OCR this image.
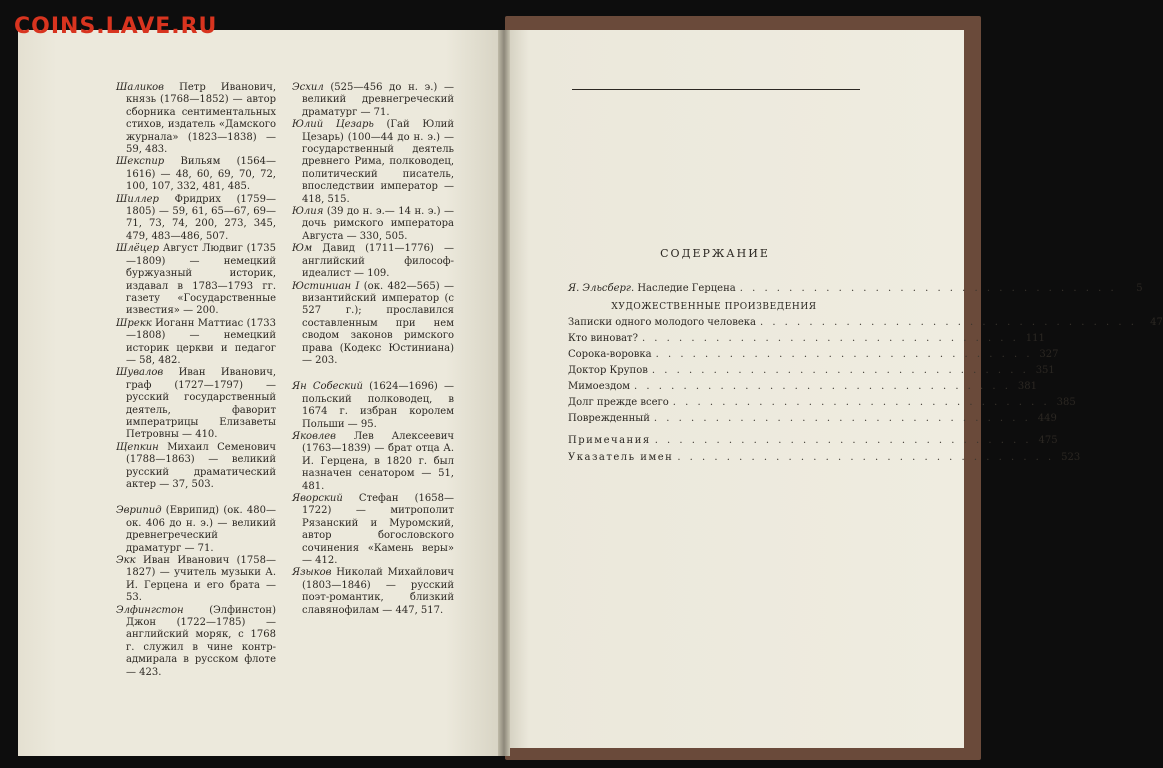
COINS.LAVE.RU

Шаликов Петр Иванович, князь (1768—1852) — автор сборника сентиментальных стихов, издатель «Дамского журнала» (1823—1838) — 59, 483.

Шекспир Вильям (1564—1616) — 48, 60, 69, 70, 72, 100, 107, 332, 481, 485.

Шиллер Фридрих (1759—1805) — 59, 61, 65—67, 69—71, 73, 74, 200, 273, 345, 479, 483—486, 507.

Шлёцер Август Людвиг (1735—1809) — немецкий буржуазный историк, издавал в 1783—1793 гг. газету «Государственные известия» — 200.

Шрекк Иоганн Маттиас (1733—1808) — немецкий историк церкви и педагог — 58, 482.

Шувалов Иван Иванович, граф (1727—1797) — русский государственный деятель, фаворит императрицы Елизаветы Петровны — 410.

Щепкин Михаил Семенович (1788—1863) — великий русский драматический актер — 37, 503.

Эврипид (Еврипид) (ок. 480—ок. 406 до н. э.) — великий древнегреческий драматург — 71.

Экк Иван Иванович (1758—1827) — учитель музыки А. И. Герцена и его брата — 53.

Элфингстон (Элфинстон) Джон (1722—1785) — английский моряк, с 1768 г. служил в чине контр-адмирала в русском флоте — 423.

Эсхил (525—456 до н. э.) — великий древнегреческий драматург — 71.

Юлий Цезарь (Гай Юлий Цезарь) (100—44 до н. э.) — государственный деятель древнего Рима, полководец, политический писатель, впоследствии император — 418, 515.

Юлия (39 до н. э.— 14 н. э.) — дочь римского императора Августа — 330, 505.

Юм Давид (1711—1776) — английский философ-идеалист — 109.

Юстиниан I (ок. 482—565) — византийский император (с 527 г.); прославился составленным при нем сводом законов римского права (Кодекс Юстиниана) — 203.

Ян Собеский (1624—1696) — польский полководец, в 1674 г. избран королем Польши — 95.

Яковлев Лев Алексеевич (1763—1839) — брат отца А. И. Герцена, в 1820 г. был назначен сенатором — 51, 481.

Яворский Стефан (1658—1722) — митрополит Рязанский и Муромский, автор богословского сочинения «Камень веры» — 412.

Языков Николай Михайлович (1803—1846) — русский поэт-романтик, близкий славянофилам — 447, 517.

СОДЕРЖАНИЕ
Я. Эльсберг. Наследие Герцена . . . . . . . . . . . . . . . . . . . . . . . . . . . . . . .	5
ХУДОЖЕСТВЕННЫЕ ПРОИЗВЕДЕНИЯ
Записки одного молодого человека . . . . . . . . . . . . . . . . . . . . . . . . . . . . . . .	47
Кто виноват? . . . . . . . . . . . . . . . . . . . . . . . . . . . . . . . 111
Сорока-воровка . . . . . . . . . . . . . . . . . . . . . . . . . . . . . . . 327
Доктор Крупов . . . . . . . . . . . . . . . . . . . . . . . . . . . . . . . 351
Мимоездом . . . . . . . . . . . . . . . . . . . . . . . . . . . . . . . 381
Долг прежде всего . . . . . . . . . . . . . . . . . . . . . . . . . . . . . . . 385
Поврежденный . . . . . . . . . . . . . . . . . . . . . . . . . . . . . . . 449
Примечания . . . . . . . . . . . . . . . . . . . . . . . . . . . . . . . 475
Указатель имен . . . . . . . . . . . . . . . . . . . . . . . . . . . . . . . 523
